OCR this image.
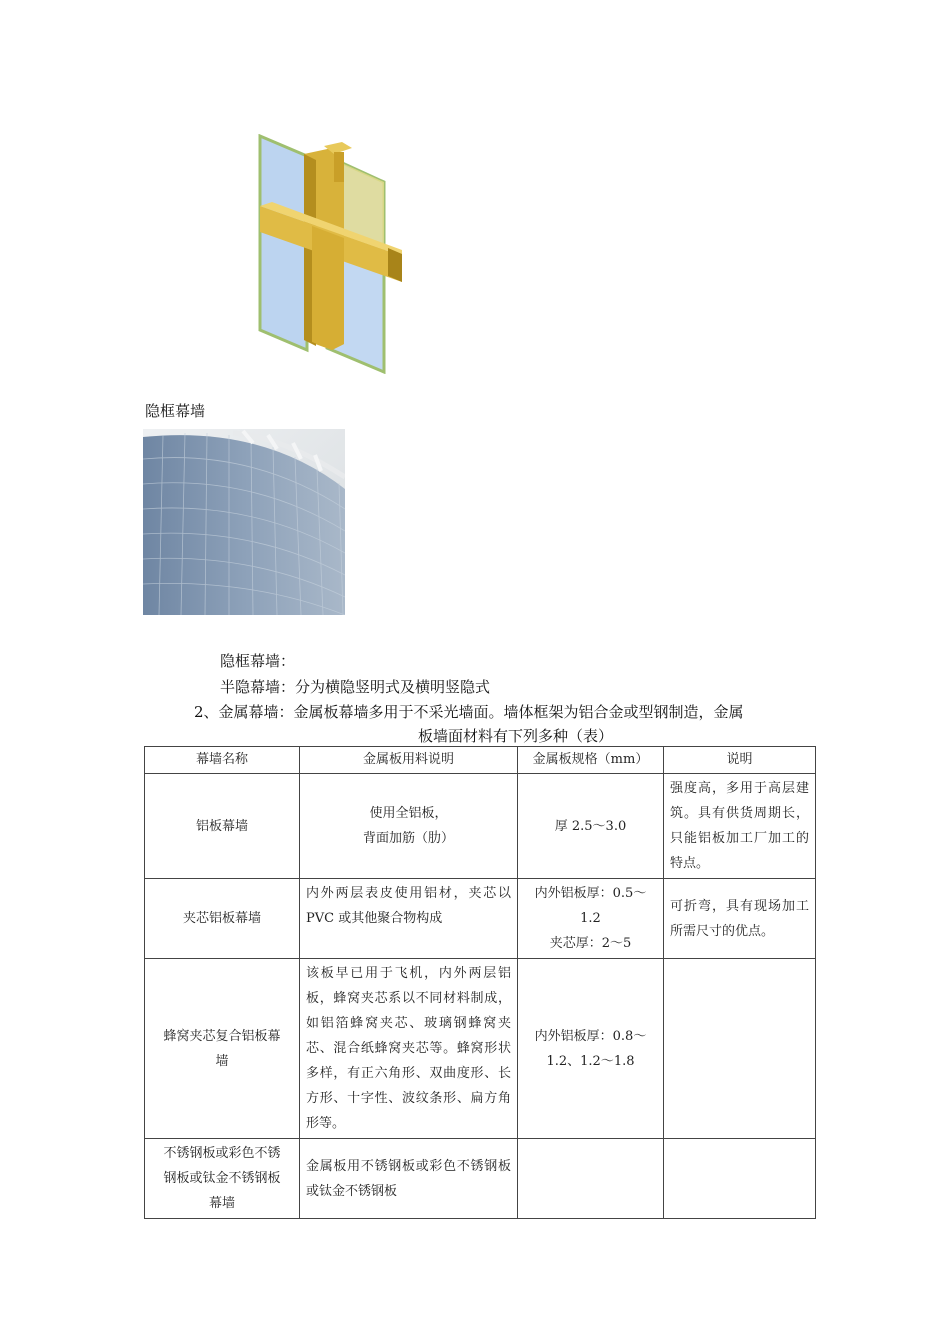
隐框幕墙
隐框幕墙：
半隐幕墙：分为横隐竖明式及横明竖隐式
2、金属幕墙：金属板幕墙多用于不采光墙面。墙体框架为铝合金或型钢制造，金属
板墙面材料有下列多种（表）
幕墙名称	金属板用料说明	金属板规格（mm）	说明
铝板幕墙	使用全铝板，
背面加筋（肋）	厚 2.5～3.0	强度高，多用于高层建筑。具有供货周期长，只能铝板加工厂加工的特点。
夹芯铝板幕墙	内外两层表皮使用铝材，夹芯以 PVC 或其他聚合物构成	内外铝板厚：0.5～
1.2
夹芯厚：2～5	可折弯，具有现场加工所需尺寸的优点。
蜂窝夹芯复合铝板幕
墙	该板早已用于飞机，内外两层铝板，蜂窝夹芯系以不同材料制成，如铝箔蜂窝夹芯、玻璃钢蜂窝夹芯、混合纸蜂窝夹芯等。蜂窝形状多样，有正六角形、双曲度形、长方形、十字性、波纹条形、扁方角形等。	内外铝板厚：0.8～
1.2、1.2～1.8	
不锈钢板或彩色不锈
钢板或钛金不锈钢板
幕墙	金属板用不锈钢板或彩色不锈钢板或钛金不锈钢板		
